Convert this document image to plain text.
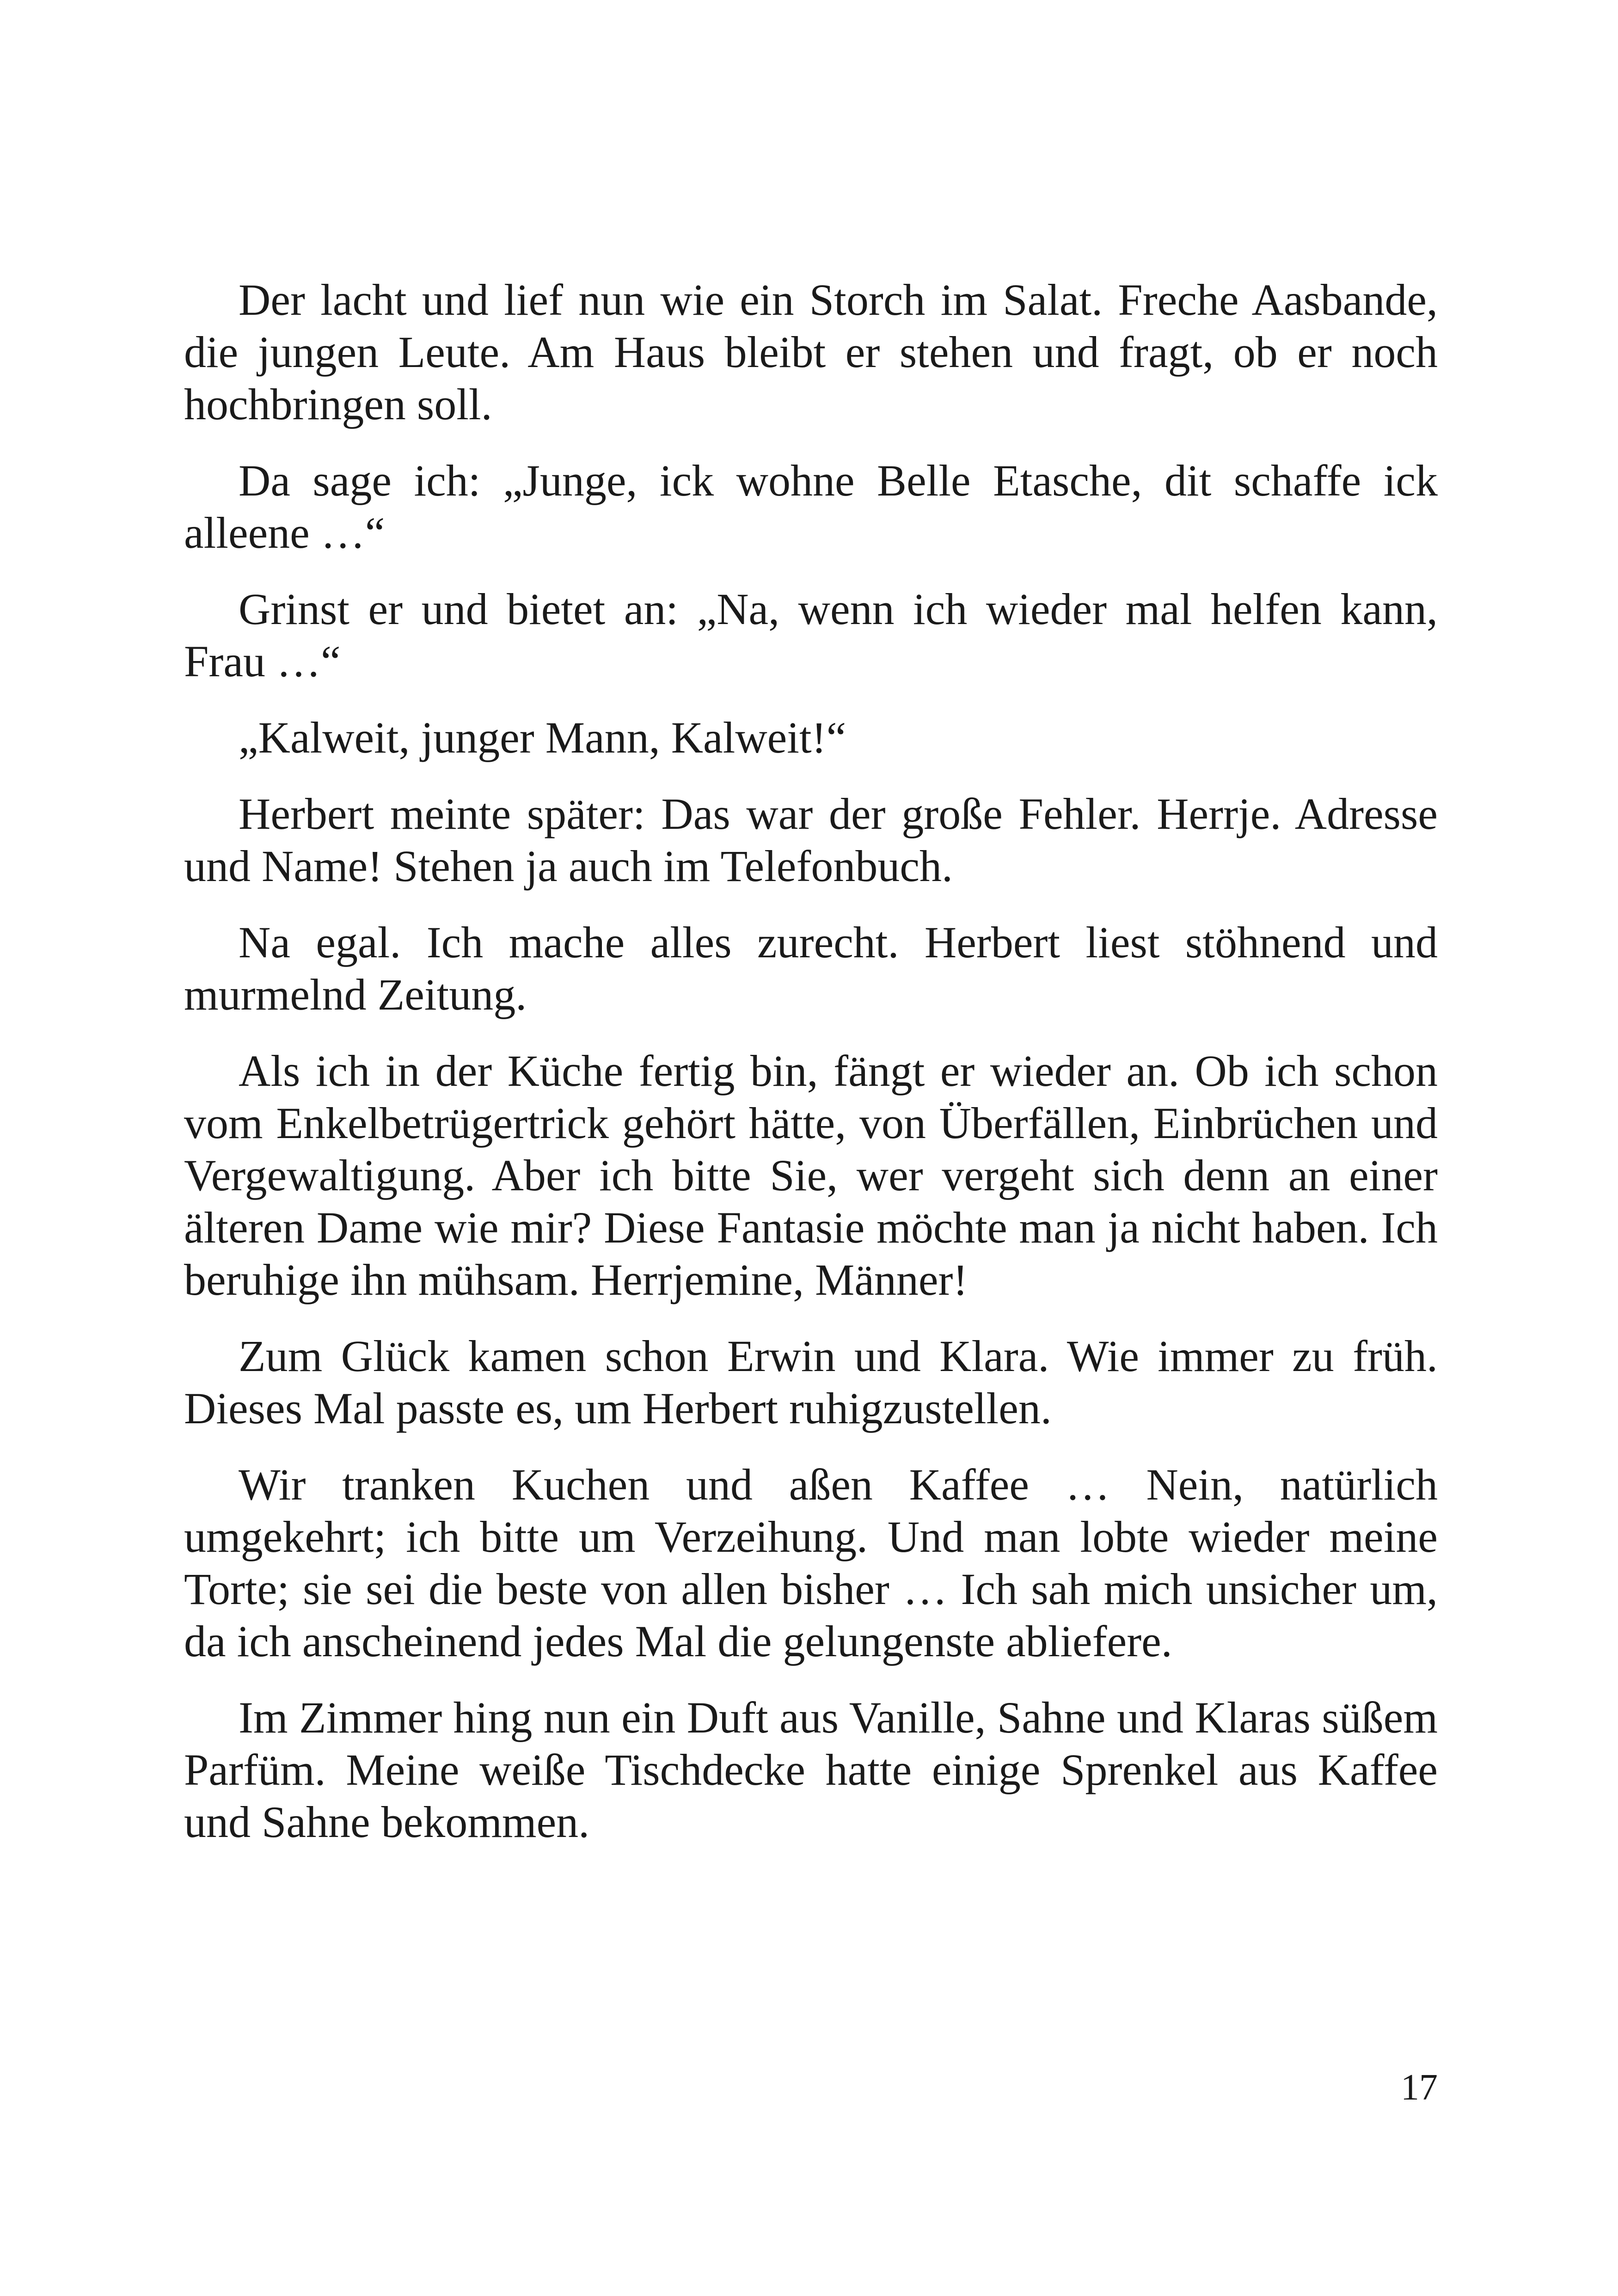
Der lacht und lief nun wie ein Storch im Salat. Freche Aasbande, die jungen Leute. Am Haus bleibt er stehen und fragt, ob er noch hochbringen soll.

Da sage ich: „Junge, ick wohne Belle Etasche, dit schaffe ick alleene …“

Grinst er und bietet an: „Na, wenn ich wieder mal helfen kann, Frau …“

„Kalweit, junger Mann, Kalweit!“

Herbert meinte später: Das war der große Fehler. Herrje. Adresse und Name! Stehen ja auch im Telefonbuch.

Na egal. Ich mache alles zurecht. Herbert liest stöhnend und murmelnd Zeitung.

Als ich in der Küche fertig bin, fängt er wieder an. Ob ich schon vom Enkelbetrügertrick gehört hätte, von Überfällen, Einbrüchen und Vergewaltigung. Aber ich bitte Sie, wer vergeht sich denn an einer älteren Dame wie mir? Diese Fantasie möchte man ja nicht haben. Ich beruhige ihn mühsam. Herrjemine, Männer!

Zum Glück kamen schon Erwin und Klara. Wie immer zu früh. Dieses Mal passte es, um Herbert ruhigzustellen.

Wir tranken Kuchen und aßen Kaffee … Nein, natürlich umgekehrt; ich bitte um Verzeihung. Und man lobte wieder meine Torte; sie sei die beste von allen bisher … Ich sah mich unsicher um, da ich anscheinend jedes Mal die gelungenste abliefere.

Im Zimmer hing nun ein Duft aus Vanille, Sahne und Klaras süßem Parfüm. Meine weiße Tischdecke hatte einige Sprenkel aus Kaffee und Sahne bekommen.

17
